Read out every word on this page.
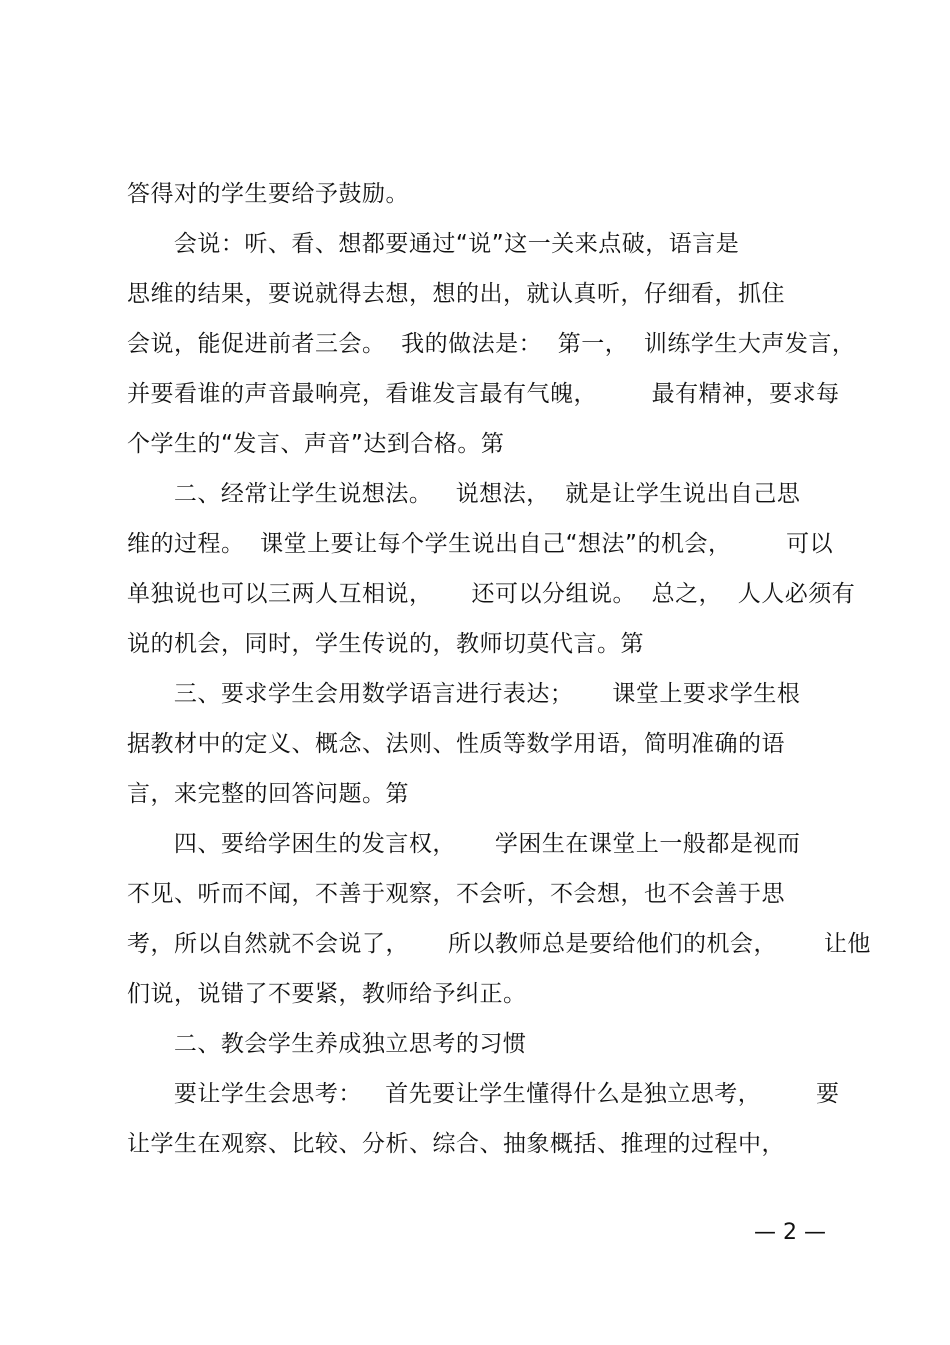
答得对的学生要给予鼓励。
会说：听、看、想都要通过“说”这一关来点破，语言是
思维的结果，要说就得去想，想的出，就认真听，仔细看，抓住
会说，能促进前者三会。  我的做法是：  第一，  训练学生大声发言，
并要看谁的声音最响亮，看谁发言最有气魄，       最有精神，要求每
个学生的“发言、声音”达到合格。第
二、经常让学生说想法。   说想法，  就是让学生说出自己思
维的过程。  课堂上要让每个学生说出自己“想法”的机会，       可以
单独说也可以三两人互相说，     还可以分组说。  总之，  人人必须有
说的机会，同时，学生传说的，教师切莫代言。第
三、要求学生会用数学语言进行表达；     课堂上要求学生根
据教材中的定义、概念、法则、性质等数学用语，简明准确的语
言，来完整的回答问题。第
四、要给学困生的发言权，     学困生在课堂上一般都是视而
不见、听而不闻，不善于观察，不会听，不会想，也不会善于思
考，所以自然就不会说了，     所以教师总是要给他们的机会，      让他
们说，说错了不要紧，教师给予纠正。
二、教会学生养成独立思考的习惯
要让学生会思考：   首先要让学生懂得什么是独立思考，       要
让学生在观察、比较、分析、综合、抽象概括、推理的过程中，
— 2 —
